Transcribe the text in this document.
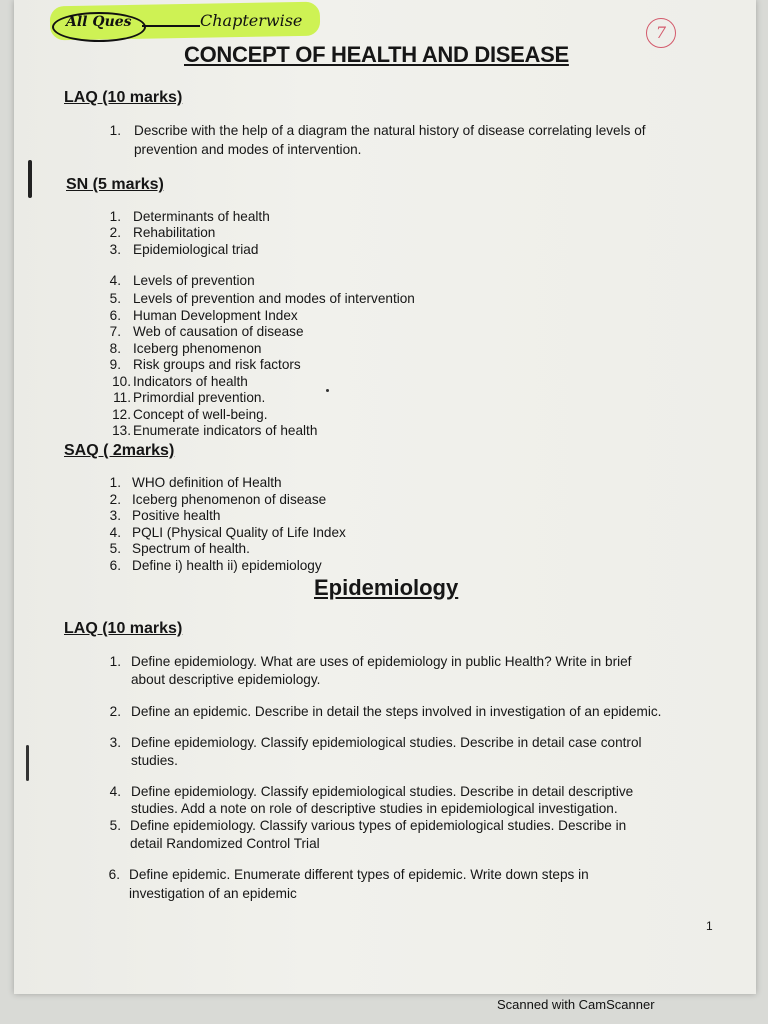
All Ques	Chapterwise
7
CONCEPT OF HEALTH AND DISEASE
LAQ (10 marks)
1. Describe with the help of a diagram the natural history of disease correlating levels of
prevention and modes of intervention.
SN (5 marks)
1. Determinants of health
2. Rehabilitation
3. Epidemiological triad
4. Levels of prevention
5. Levels of prevention and modes of intervention
6. Human Development Index
7. Web of causation of disease
8. Iceberg phenomenon
9. Risk groups and risk factors
10. Indicators of health
11. Primordial prevention.
12. Concept of well-being.
13. Enumerate indicators of health
SAQ ( 2marks)
1. WHO definition of Health
2. Iceberg phenomenon of disease
3. Positive health
4. PQLI (Physical Quality of Life Index
5. Spectrum of health.
6. Define i) health ii) epidemiology
Epidemiology
LAQ (10 marks)
1. Define epidemiology. What are uses of epidemiology in public Health? Write in brief
about descriptive epidemiology.
2. Define an epidemic. Describe in detail the steps involved in investigation of an epidemic.
3. Define epidemiology. Classify epidemiological studies. Describe in detail case control
studies.
4. Define epidemiology. Classify epidemiological studies. Describe in detail descriptive
studies. Add a note on role of descriptive studies in epidemiological investigation.
5. Define epidemiology. Classify various types of epidemiological studies. Describe in
detail Randomized Control Trial
6. Define epidemic. Enumerate different types of epidemic. Write down steps in
investigation of an epidemic
1
Scanned with CamScanner
